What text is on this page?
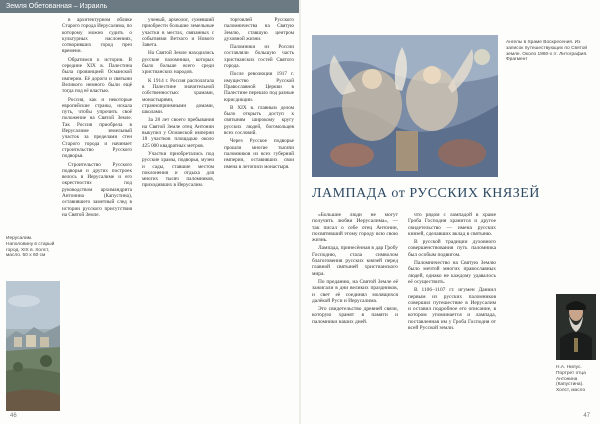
Земля Обетованная – Израиль
Иерусалим. Наполовину в старый город. XIX в. Холст, масло. 50 х 60 см

в архитектурном облике Старого города Иерусалима, по которому можно судить о культурных наслоениях, сотворивших город през времени.

Обратимся к истории. В середине XIX в. Палестина была провинцией Османской империи. Её дороги и святыни Великого немного были ещё тогда под её властью.

Россия, как и некоторые европейские страны, искала путь, чтобы упрочить своё положение на Святой Земле. Так Россия приобрела в Иерусалиме земельный участок за пределами стен Старого города и начинает строительство Русского подворья.

Строительство Русского подворья и других построек велось в Иерусалиме и его окрестностях под руководством архимандрита Антонина (Капустина), оставившего заметный след в истории русского присутствия на Святой Земле.

ученый, археолог, сумевший приобрести большие земельные участки в местах, связанных с событиями Ветхого и Нового Завета.

На Святой Земле находились русские паломники, которых было больше всего среди христианских народов.

К 1914 г. Россия располагала в Палестине значительной собственностью: храмами, монастырями, странноприимными домами, школами.

За 28 лет своего пребывания на Святой Земле отец Антонин выкупил у Османской империи 18 участков площадью около 425 000 квадратных метров.

Участки приобретались под русские храмы, подворья, музеи и сады, ставшие местом поклонения и отдыха для многих тысяч паломников, приходивших в Иерусалим.

торговлей Русского паломничества на Святую Землю, ставшую центром духовной жизни.

Паломники из России составляли большую часть христианских гостей Святого города.

После революции 1917 г. имущество Русской Православной Церкви в Палестине перешло под разные юрисдикции.

В XIX в. главным делом было открыть доступ к святыням широкому кругу русских людей, богомольцев всех сословий.

Через Русское подворье прошли многие тысячи паломников из всех губерний империи, оставивших свои имена в летописи монастыря.

46
Ангелы в Храме Воскресения. Из записок путешествующих по Святой земле. Около 1860-х гг. Литография. Фрагмент
ЛАМПАДА от РУССКИХ КНЯЗЕЙ

«Большие люди не могут получить любви Иерусалима», — так писал о себе отец Антонин, посвятивший этому городу всю свою жизнь.

Лампада, принесённая в дар Гробу Господню, стала символом благоговения русских князей перед главной святыней христианского мира.

По преданию, на Святой Земле её зажигали в дни великих праздников, и свет её соединял молящихся далёкой Руси и Иерусалима.

Это свидетельство древней связи, которую хранят в памяти и паломники наших дней.

что рядом с лампадой в храме Гроба Господня хранится и другое свидетельство — имена русских князей, сделавших вклад в святыню.

В русской традиции духовного совершенствования путь паломника был особым подвигом.

Паломничество на Святую Землю было мечтой многих православных людей, однако не каждому удавалось её осуществить.

В 1106–1107 гг. игумен Даниил первым из русских паломников совершил путешествие в Иерусалим и оставил подробное его описание, в котором упоминается и лампада, поставленная им у Гроба Господня от всей Русской земли.

Н.А. Нилус. Портрет отца Антонина (Капустина). Холст, масло
47
